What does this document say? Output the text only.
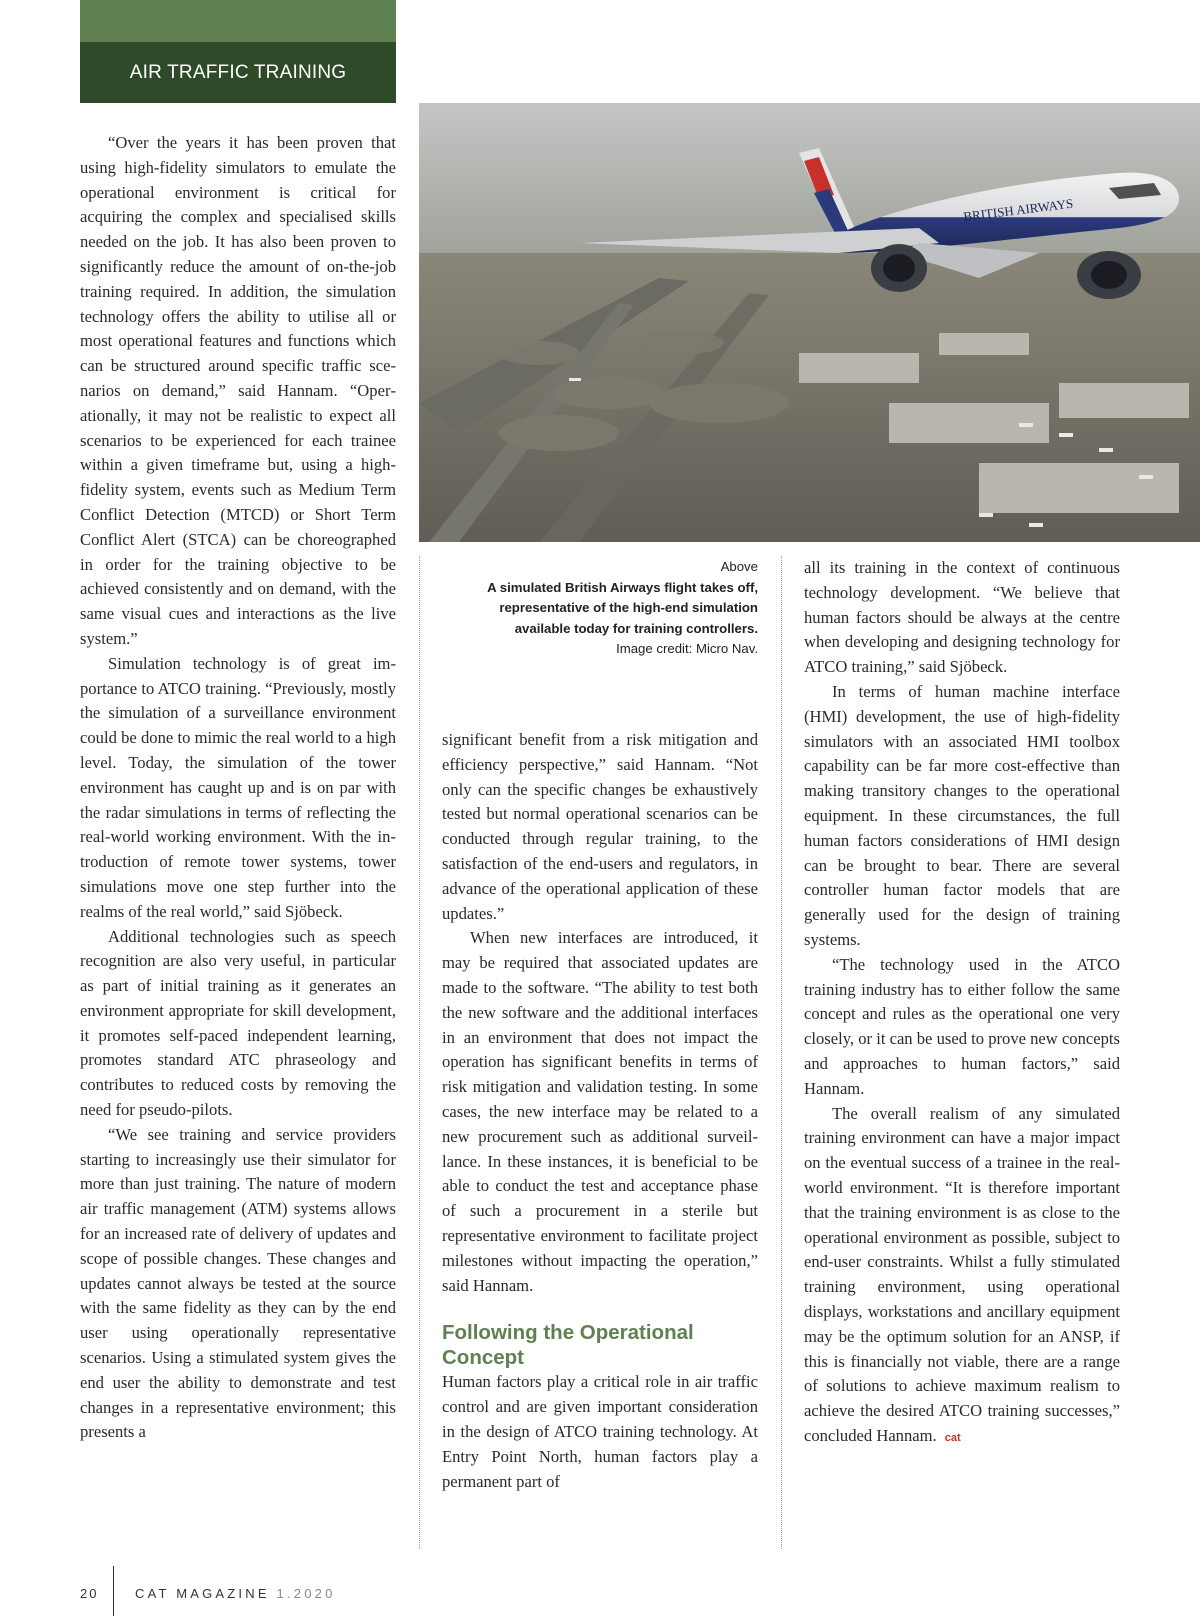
AIR TRAFFIC TRAINING
BRITISH AIRWAYS
Above
A simulated British Airways flight takes off, representative of the high-end simulation available today for training controllers.
Image credit: Micro Nav.

“Over the years it has been proven that using high-fidelity simulators to emulate the operational environment is critical for acquiring the complex and specialised skills needed on the job. It has also been proven to significantly reduce the amount of on-the-job training required. In addition, the simulation technology offers the ability to utilise all or most operational features and functions which can be structured around specific traffic scenarios on demand,” said Hannam. “Operationally, it may not be realistic to expect all scenarios to be experienced for each trainee within a given timeframe but, using a high-fidelity system, events such as Medium Term Conflict Detection (MTCD) or Short Term Conflict Alert (STCA) can be choreographed in order for the training objective to be achieved consistently and on demand, with the same visual cues and interactions as the live system.”

Simulation technology is of great importance to ATCO training. “Previously, mostly the simulation of a surveillance environment could be done to mimic the real world to a high level. Today, the simulation of the tower environment has caught up and is on par with the radar simulations in terms of reflecting the real-world working environment. With the introduction of remote tower systems, tower simulations move one step further into the realms of the real world,” said Sjöbeck.

Additional technologies such as speech recognition are also very useful, in particular as part of initial training as it generates an environment appropriate for skill development, it promotes self-paced independent learning, promotes standard ATC phraseology and contributes to reduced costs by removing the need for pseudo-pilots.

“We see training and service providers starting to increasingly use their simulator for more than just training. The nature of modern air traffic management (ATM) systems allows for an increased rate of delivery of updates and scope of possible changes. These changes and updates cannot always be tested at the source with the same fidelity as they can by the end user using operationally representative scenarios. Using a stimulated system gives the end user the ability to demonstrate and test changes in a representative environment; this presents a

significant benefit from a risk mitigation and efficiency perspective,” said Hannam. “Not only can the specific changes be exhaustively tested but normal operational scenarios can be conducted through regular training, to the satisfaction of the end-users and regulators, in advance of the operational application of these updates.”

When new interfaces are introduced, it may be required that associated updates are made to the software. “The ability to test both the new software and the additional interfaces in an environment that does not impact the operation has significant benefits in terms of risk mitigation and validation testing. In some cases, the new interface may be related to a new procurement such as additional surveillance. In these instances, it is beneficial to be able to conduct the test and acceptance phase of such a procurement in a sterile but representative environment to facilitate project milestones without impacting the operation,” said Hannam.

Following the Operational Concept

Human factors play a critical role in air traffic control and are given important consideration in the design of ATCO training technology. At Entry Point North, human factors play a permanent part of

all its training in the context of continuous technology development. “We believe that human factors should be always at the centre when developing and designing technology for ATCO training,” said Sjöbeck.

In terms of human machine interface (HMI) development, the use of high-fidelity simulators with an associated HMI toolbox capability can be far more cost-effective than making transitory changes to the operational equipment. In these circumstances, the full human factors considerations of HMI design can be brought to bear. There are several controller human factor models that are generally used for the design of training systems.

“The technology used in the ATCO training industry has to either follow the same concept and rules as the operational one very closely, or it can be used to prove new concepts and approaches to human factors,” said Hannam.

The overall realism of any simulated training environment can have a major impact on the eventual success of a trainee in the real-world environment. “It is therefore important that the training environment is as close to the operational environment as possible, subject to end-user constraints. Whilst a fully stimulated training environment, using operational displays, workstations and ancillary equipment may be the optimum solution for an ANSP, if this is financially not viable, there are a range of solutions to achieve maximum realism to achieve the desired ATCO training successes,” concluded Hannam. cat

20	CAT MAGAZINE 1.2020
